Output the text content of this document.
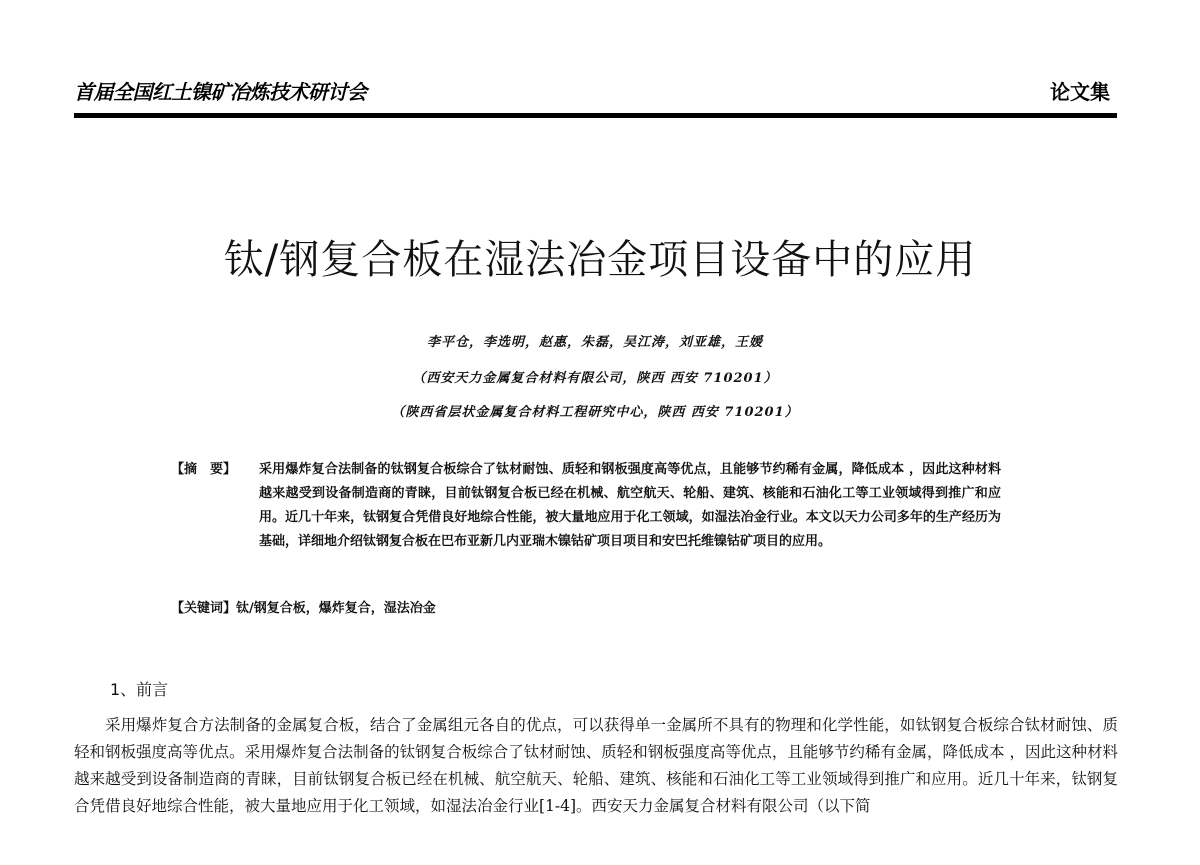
首届全国红土镍矿冶炼技术研讨会	论文集
钛/钢复合板在湿法冶金项目设备中的应用
李平仓，李选明，赵惠，朱磊，吴江涛，刘亚雄，王媛
（西安天力金属复合材料有限公司，陕西 西安 710201）
（陕西省层状金属复合材料工程研究中心，陕西 西安 710201）
【摘　要】 采用爆炸复合法制备的钛钢复合板综合了钛材耐蚀、质轻和钢板强度高等优点，且能够节约稀有金属，降低成本 ，因此这种材料越来越受到设备制造商的青睐，目前钛钢复合板已经在机械、航空航天、轮船、建筑、核能和石油化工等工业领域得到推广和应用。近几十年来，钛钢复合凭借良好地综合性能，被大量地应用于化工领域，如湿法冶金行业。本文以天力公司多年的生产经历为基础，详细地介绍钛钢复合板在巴布亚新几内亚瑞木镍钴矿项目项目和安巴托维镍钴矿项目的应用。
【关键词】钛/钢复合板，爆炸复合，湿法冶金
1、前言
采用爆炸复合方法制备的金属复合板，结合了金属组元各自的优点，可以获得单一金属所不具有的物理和化学性能，如钛钢复合板综合钛材耐蚀、质轻和钢板强度高等优点。采用爆炸复合法制备的钛钢复合板综合了钛材耐蚀、质轻和钢板强度高等优点，且能够节约稀有金属，降低成本 ，因此这种材料越来越受到设备制造商的青睐，目前钛钢复合板已经在机械、航空航天、轮船、建筑、核能和石油化工等工业领域得到推广和应用。近几十年来，钛钢复合凭借良好地综合性能，被大量地应用于化工领域，如湿法冶金行业[1-4]。西安天力金属复合材料有限公司（以下简
